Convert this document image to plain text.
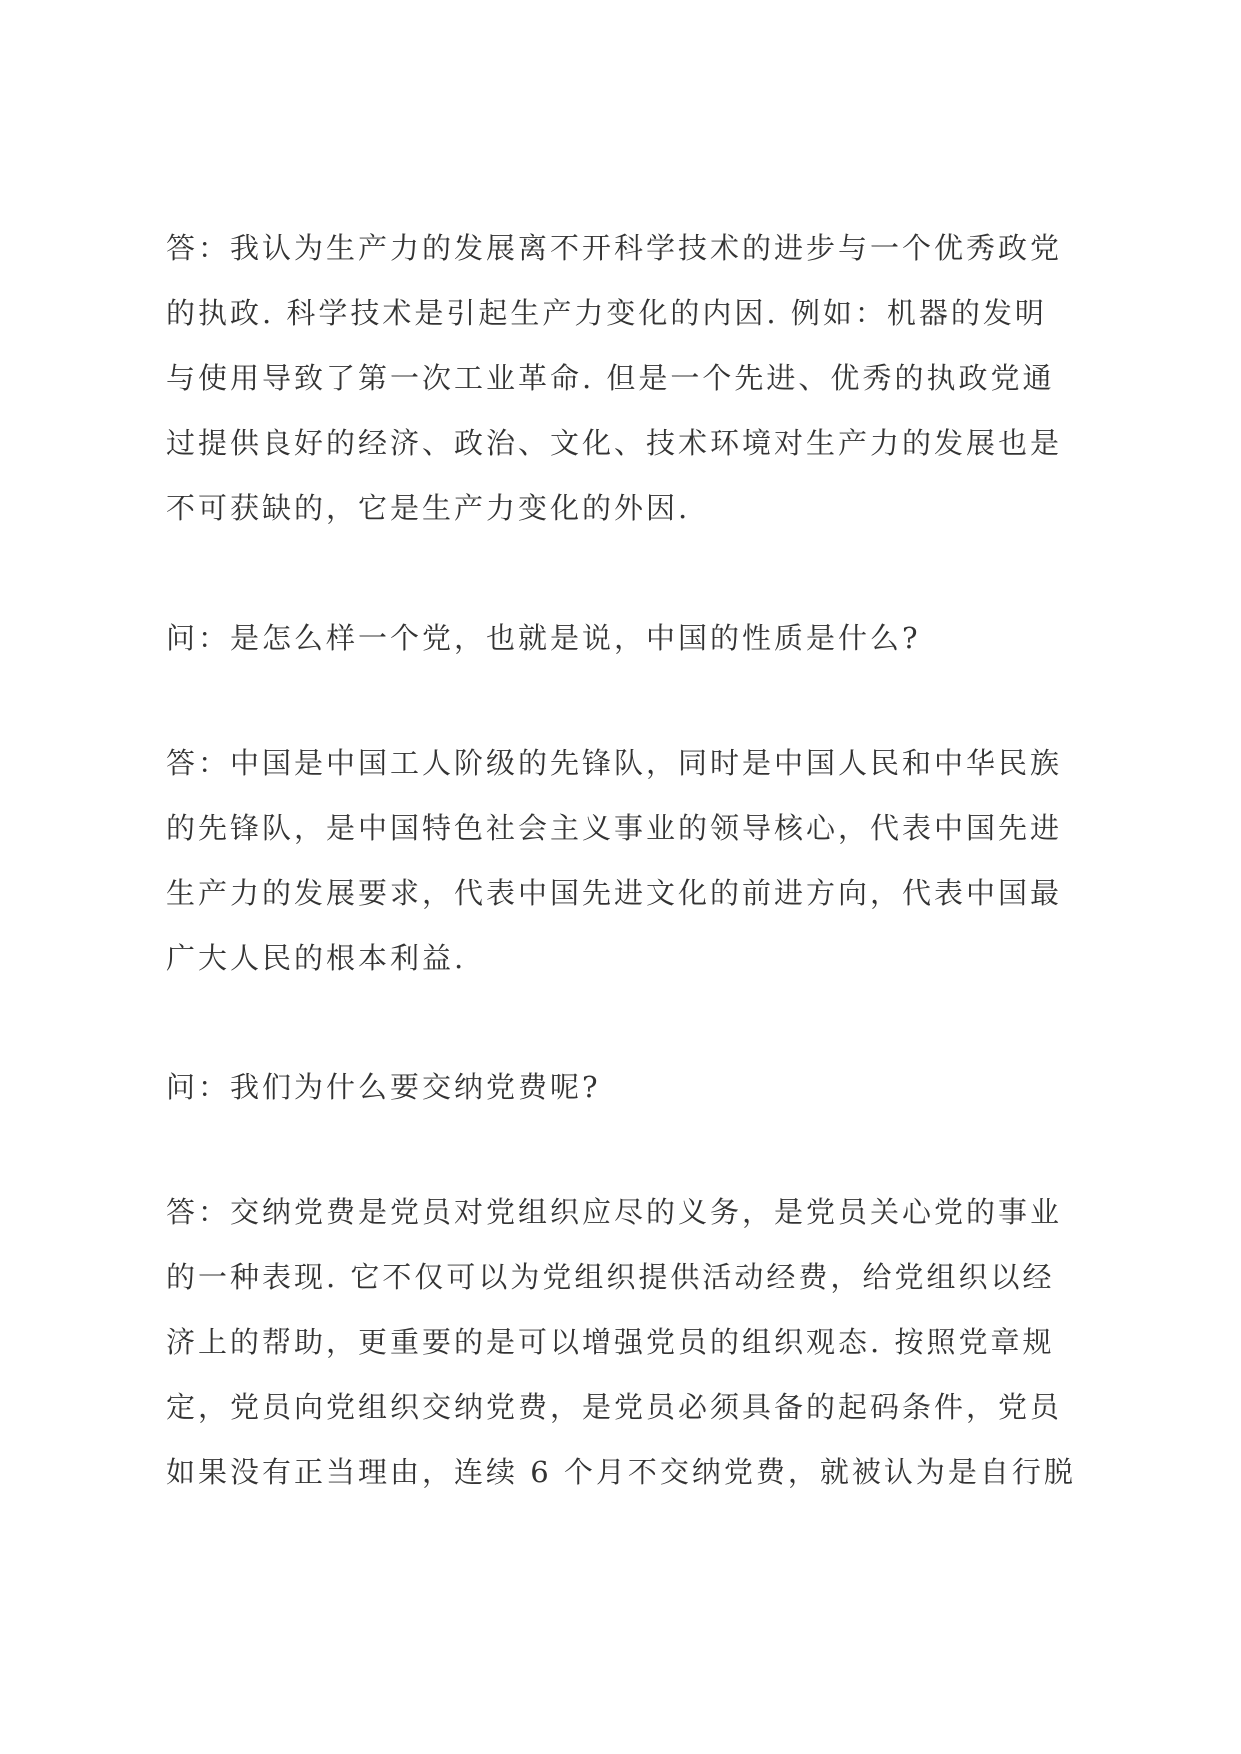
答：我认为生产力的发展离不开科学技术的进步与一个优秀政党
的执政. 科学技术是引起生产力变化的内因. 例如：机器的发明
与使用导致了第一次工业革命. 但是一个先进、优秀的执政党通
过提供良好的经济、政治、文化、技术环境对生产力的发展也是
不可获缺的，它是生产力变化的外因.
问：是怎么样一个党，也就是说，中国的性质是什么?
答：中国是中国工人阶级的先锋队，同时是中国人民和中华民族
的先锋队，是中国特色社会主义事业的领导核心，代表中国先进
生产力的发展要求，代表中国先进文化的前进方向，代表中国最
广大人民的根本利益.
问：我们为什么要交纳党费呢?
答：交纳党费是党员对党组织应尽的义务，是党员关心党的事业
的一种表现. 它不仅可以为党组织提供活动经费，给党组织以经
济上的帮助，更重要的是可以增强党员的组织观态. 按照党章规
定，党员向党组织交纳党费，是党员必须具备的起码条件，党员
如果没有正当理由，连续 6 个月不交纳党费，就被认为是自行脱
